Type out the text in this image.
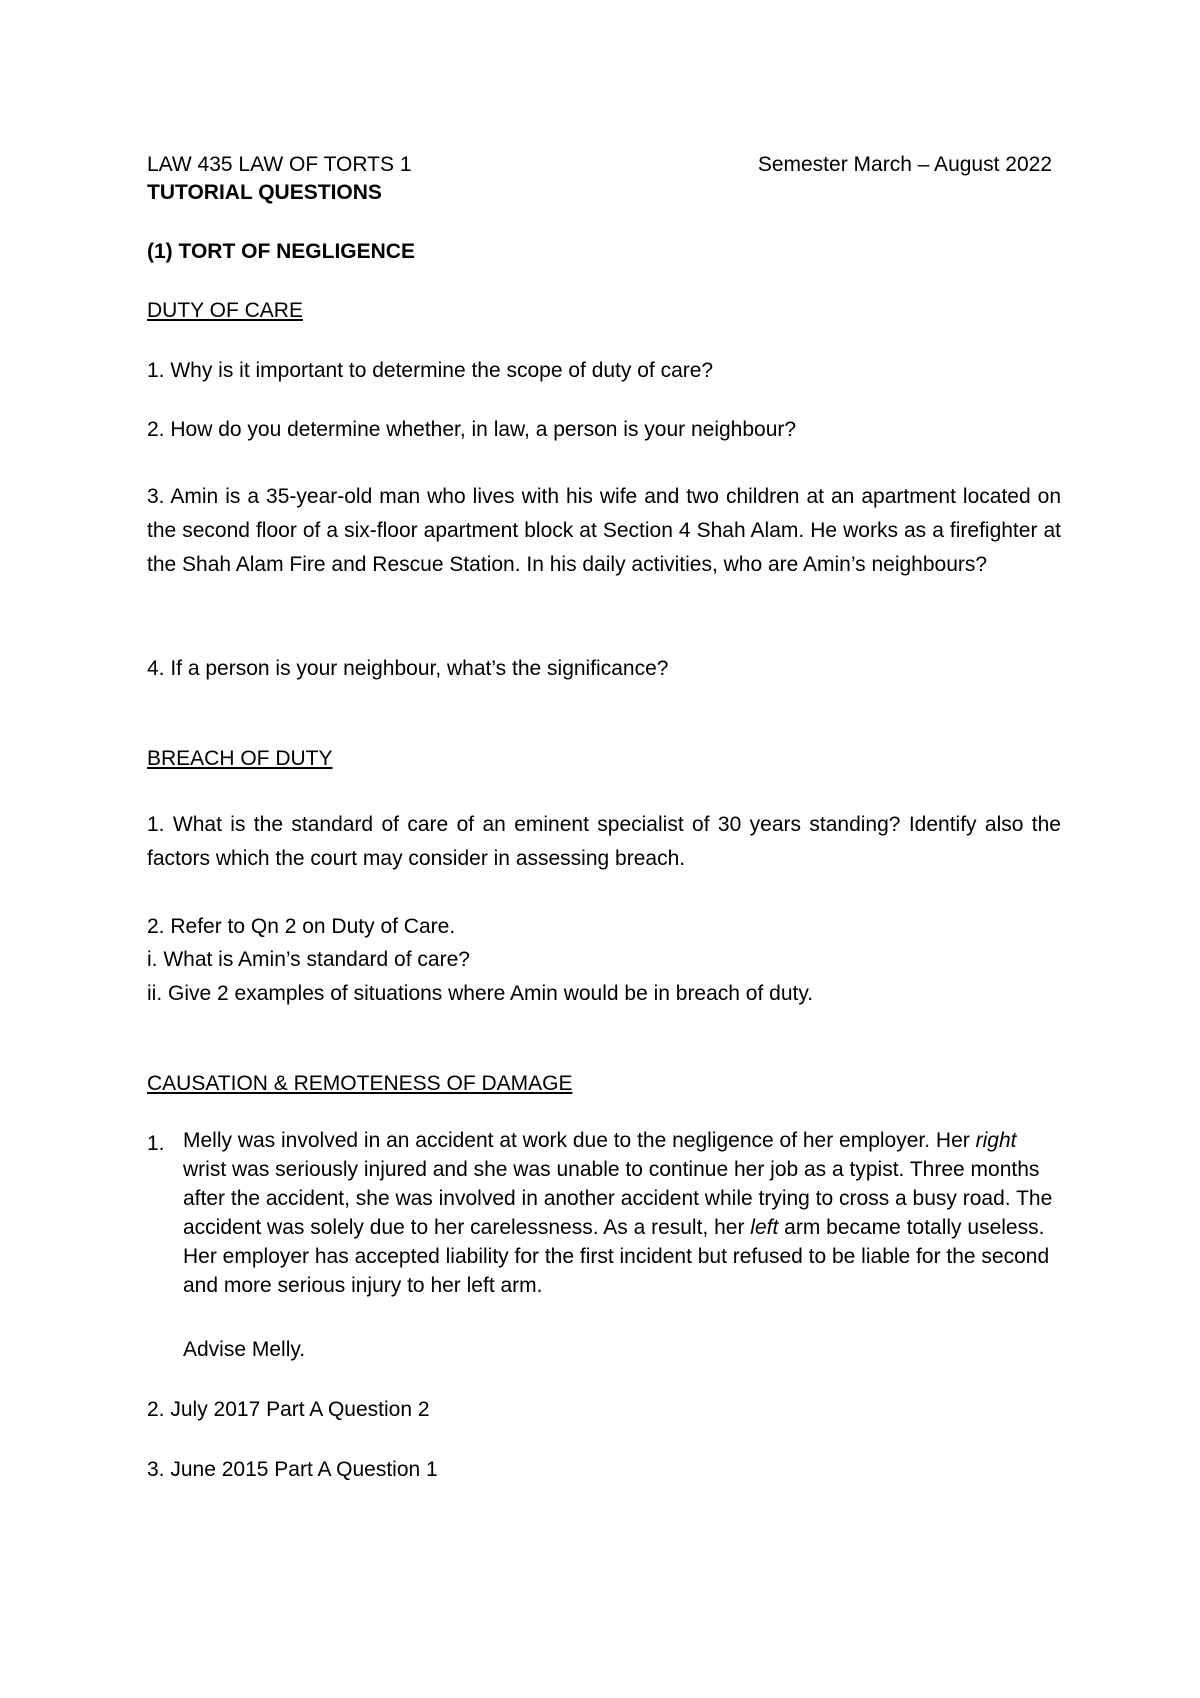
LAW 435 LAW OF TORTS 1	Semester March – August 2022
TUTORIAL QUESTIONS
(1) TORT OF NEGLIGENCE
DUTY OF CARE
1. Why is it important to determine the scope of duty of care?
2. How do you determine whether, in law, a person is your neighbour?

3. Amin is a 35-year-old man who lives with his wife and two children at an apartment located on the second floor of a six-floor apartment block at Section 4 Shah Alam. He works as a firefighter at the Shah Alam Fire and Rescue Station. In his daily activities, who are Amin’s neighbours?

4. If a person is your neighbour, what’s the significance?
BREACH OF DUTY

1. What is the standard of care of an eminent specialist of 30 years standing? Identify also the factors which the court may consider in assessing breach.

2. Refer to Qn 2 on Duty of Care.
i. What is Amin’s standard of care?
ii. Give 2 examples of situations where Amin would be in breach of duty.
CAUSATION & REMOTENESS OF DAMAGE
1. Melly was involved in an accident at work due to the negligence of her employer. Her right wrist was seriously injured and she was unable to continue her job as a typist. Three months after the accident, she was involved in another accident while trying to cross a busy road. The accident was solely due to her carelessness. As a result, her left arm became totally useless. Her employer has accepted liability for the first incident but refused to be liable for the second and more serious injury to her left arm.

Advise Melly.
2. July 2017 Part A Question 2
3. June 2015 Part A Question 1
